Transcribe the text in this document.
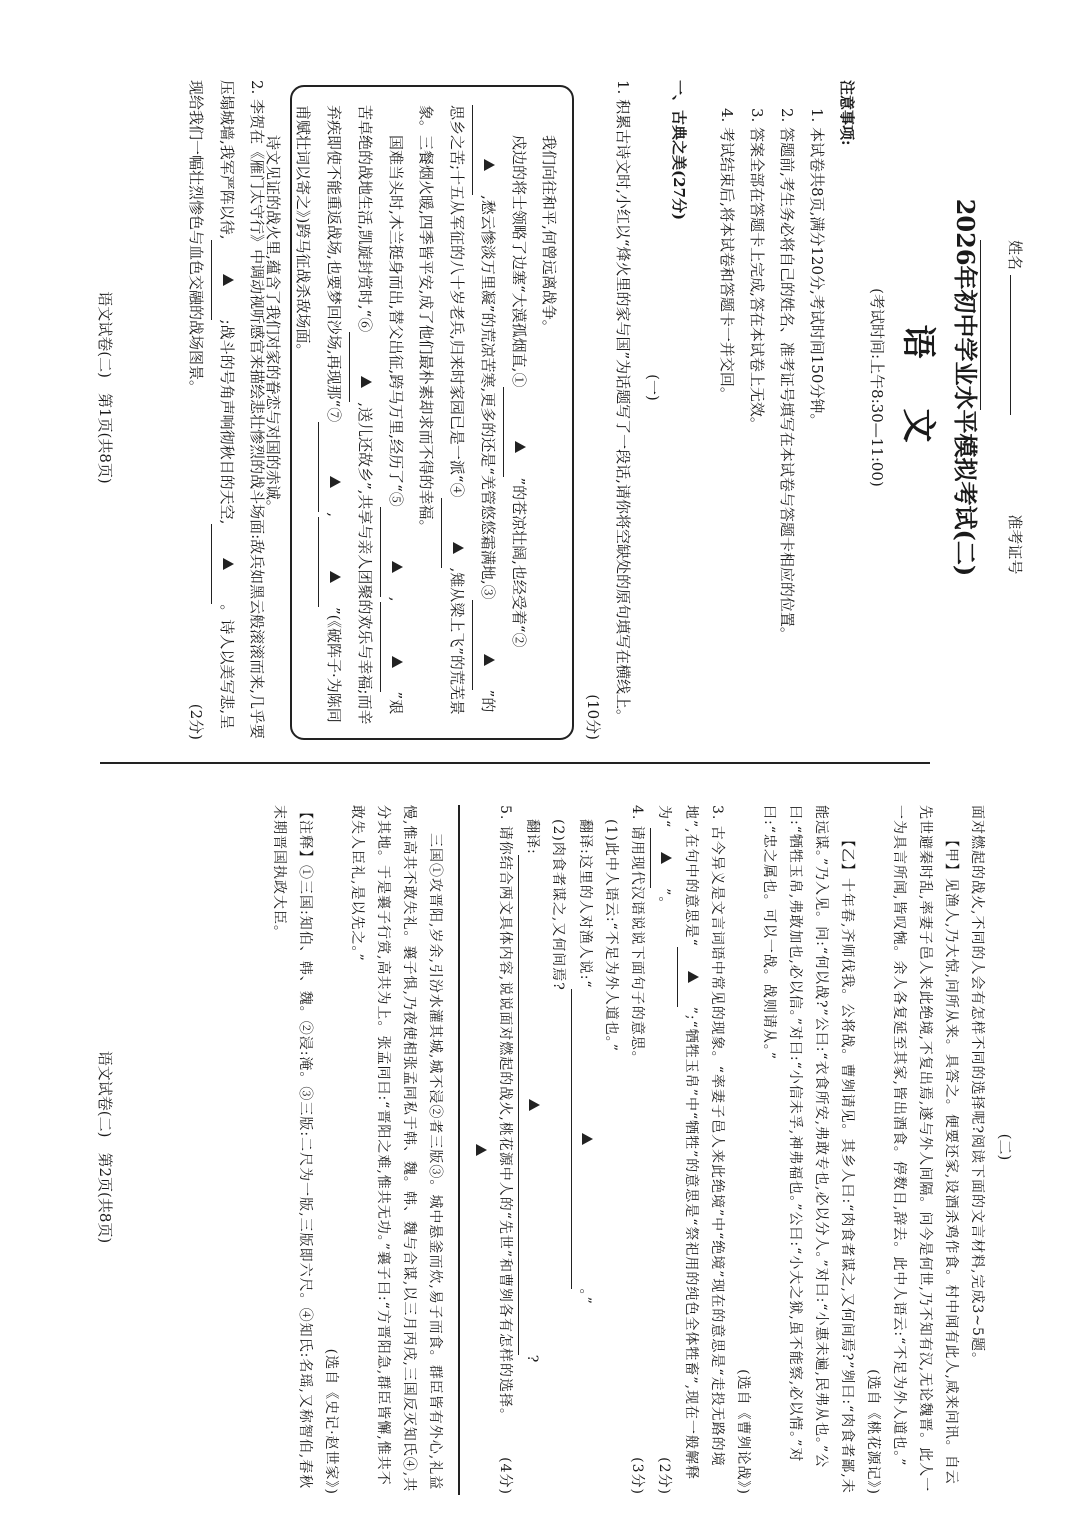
姓名   准考证号
2026年初中学业水平模拟考试(二)
语　文
(考试时间:上午8:30—11:00)
注意事项:
1. 本试卷共8页,满分120分,考试时间150分钟。
2. 答题前,考生务必将自己的姓名、准考证号填写在本试卷与答题卡相应的位置。
3. 答案全部在答题卡上完成,答在本试卷上无效。
4. 考试结束后,将本试卷和答题卡一并交回。
一、古典之美(27分)
(一)
1. 积累古诗文时,小红以“烽火里的家与国”为话题写了一段话,请你将空缺处的原句填写在横线上。
(10分)
我们向往和平,何曾远离战争。
戍边的将士领略了边塞“大漠孤烟直,①”的苍凉壮阔,也经受着“②,愁云惨淡万里凝”的荒凉苦寒,更多的还是“羌管悠悠霜满地,③”的思乡之苦;十五从军征的八十岁老兵,归来时家园已是一派“④,雉从梁上飞”的荒芜景象。三餐烟火暖,四季皆平安,成了他们最朴素却求而不得的幸福。
国难当头时,木兰挺身而出,替父出征,跨马万里,经历了“⑤,”艰苦卓绝的战地生活,凯旋封赏时,“⑥,送儿还故乡”,共享与亲人团聚的欢乐与幸福;而辛弃疾即使不能重返战场,也要梦回沙场,再现那“⑦,”(《破阵子·为陈同甫赋壮词以寄之》)跨马征战杀敌场面。
诗文见证的战火里,蕴含了我们对家的眷恋与对国的赤诚。
2. 李贺在《雁门太守行》中调动视听感官来描绘悲壮惨烈的战斗场面:敌兵如黑云般滚滚而来,几乎要压塌城墙,我军严阵以待,;战斗的号角声响彻秋日的天空,。诗人以美写悲,呈现给我们一幅壮烈惨色与血色交融的战场图景。
(2分)
语文试卷(二)　第1页(共8页)
(二)
面对燃起的战火,不同的人会有怎样不同的选择呢?阅读下面的文言材料,完成3~5题。
【甲】见渔人,乃大惊,问所从来。具答之。便要还家,设酒杀鸡作食。村中闻有此人,咸来问讯。自云先世避秦时乱,率妻子邑人来此绝境,不复出焉,遂与外人间隔。问今是何世,乃不知有汉,无论魏晋。此人一一为具言所闻,皆叹惋。余人各复延至其家,皆出酒食。停数日,辞去。此中人语云:“不足为外人道也。”
(选自《桃花源记》)
【乙】十年春,齐师伐我。公将战。曹刿请见。其乡人曰:“肉食者谋之,又何间焉?”刿曰:“肉食者鄙,未能远谋。”乃入见。问:“何以战?”公曰:“衣食所安,弗敢专也,必以分人。”对曰:“小惠未遍,民弗从也。”公曰:“牺牲玉帛,弗敢加也,必以信。”对曰:“小信未孚,神弗福也。”公曰:“小大之狱,虽不能察,必以情。”对曰:“忠之属也。可以一战。战则请从。”
(选自《曹刿论战》)
3. 古今异义是文言词语中常见的现象。“率妻子邑人来此绝境”中“绝境”现在的意思是“走投无路的境地”,在句中的意思是“”;“牺牲玉帛”中“牺牲”的意思是“祭祀用的纯色全体牲畜”,现在一般解释为“”。
(2分)
4. 请用现代汉语说说下面句子的意思。
(3分)
(1)此中人语云:“不足为外人道也。”
翻译:这里的人对渔人说:“。”
(2)肉食者谋之,又何间焉?
翻译:?
5. 请你结合两文具体内容,说说面对燃起的战火,桃花源中人的“先世”和曹刿各有怎样的选择。
(4分)
三国①攻晋阳,岁余,引汾水灌其城,城不浸②者三版③。城中悬釜而炊,易子而食。群臣皆有外心,礼益慢,惟高共不敢失礼。襄子惧,乃夜使相张孟同私于韩、魏。韩、魏与合谋,以三月丙戌,三国反灭知氏④,共分其地。于是襄子行赏,高共为上。张孟同曰:“晋阳之难,惟共无功。”襄子曰:“方晋阳急,群臣皆懈,惟共不敢失人臣礼,是以先之。”
(选自《史记·赵世家》)
【注释】①三国:知伯、韩、魏。②浸:淹。③三版:二尺为一版,三版即六尺。④知氏:名瑶,又称智伯,春秋末期晋国执政大臣。
语文试卷(二)　第2页(共8页)
